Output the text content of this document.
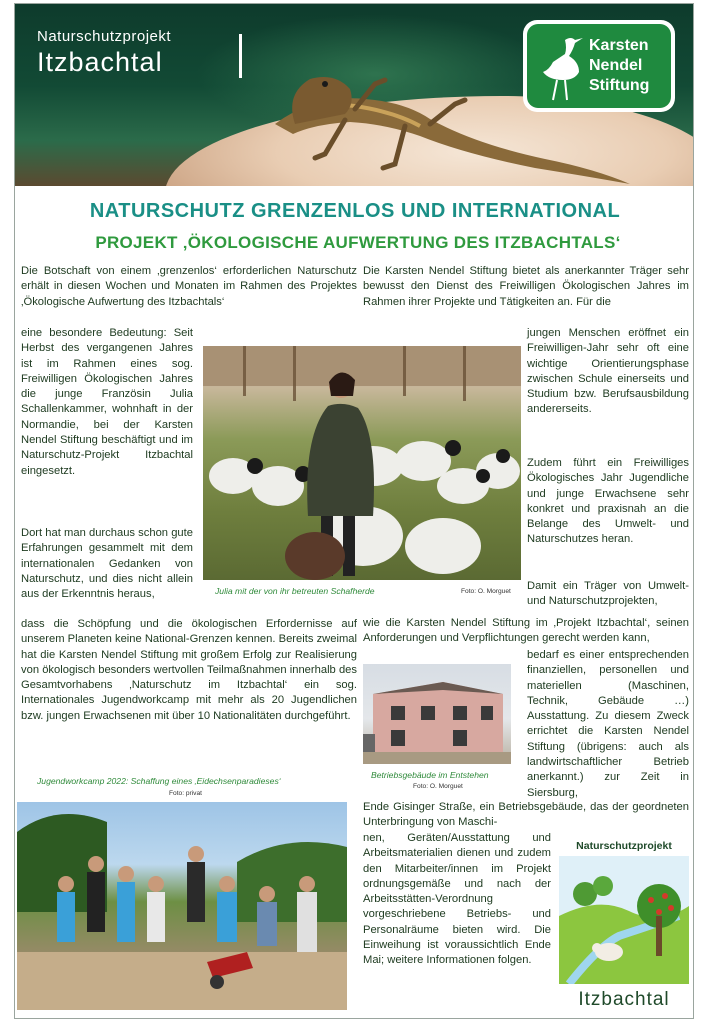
Naturschutzprojekt
Itzbachtal
Karsten
Nendel
Stiftung
NATURSCHUTZ GRENZENLOS UND INTERNATIONAL
PROJEKT ‚ÖKOLOGISCHE AUFWERTUNG DES ITZBACHTALS‘
Die Botschaft von einem ‚grenzenlos‘ erforderlichen Naturschutz erhält in diesen Wochen und Monaten im Rahmen des Projektes ‚Ökologische Aufwertung des Itzbachtals‘
eine besondere Bedeutung: Seit Herbst des vergangenen Jahres ist im Rahmen eines sog. Freiwilligen Ökologischen Jahres die junge Französin Julia Schallenkammer, wohnhaft in der Normandie, bei der Karsten Nendel Stiftung beschäftigt und im Naturschutz-Projekt Itzbachtal eingesetzt.
Dort hat man durchaus schon gute Erfahrungen gesammelt mit dem internationalen Gedanken von Naturschutz, und dies nicht allein aus der Erkenntnis heraus,
dass die Schöpfung und die ökologischen Erfordernisse auf unserem Planeten keine National-Grenzen kennen. Bereits zweimal hat die Karsten Nendel Stiftung mit großem Erfolg zur Realisierung von ökologisch besonders wertvollen Teilmaßnahmen innerhalb des Gesamtvorhabens ‚Naturschutz im Itzbachtal‘ ein sog. Internationales Jugendworkcamp mit mehr als 20 Jugendlichen bzw. jungen Erwachsenen mit über 10 Nationalitäten durchgeführt.
Die Karsten Nendel Stiftung bietet als anerkannter Träger sehr bewusst den Dienst des Freiwilligen Ökologischen Jahres im Rahmen ihrer Projekte und Tätigkeiten an. Für die
jungen Menschen eröffnet ein Freiwilligen-Jahr sehr oft eine wichtige Orientierungsphase zwischen Schule einerseits und Studium bzw. Berufsausbildung andererseits.
Zudem führt ein Freiwilliges Ökologisches Jahr Jugendliche und junge Erwachsene sehr konkret und praxisnah an die Belange des Umwelt- und Naturschutzes heran.
Damit ein Träger von Umwelt- und Naturschutzprojekten,
wie die Karsten Nendel Stiftung im ‚Projekt Itzbachtal‘, seinen Anforderungen und Verpflichtungen gerecht werden kann,
bedarf es einer entsprechenden finanziellen, personellen und materiellen (Maschinen, Technik, Gebäude …) Ausstattung. Zu diesem Zweck errichtet die Karsten Nendel Stiftung (übrigens: auch als landwirtschaftlicher Betrieb anerkannt.) zur Zeit in Siersburg,
Ende Gisinger Straße, ein Betriebsgebäude, das der geordneten Unterbringung von Maschi-
nen, Geräten/Ausstattung und Arbeitsmaterialien dienen und zudem den Mitarbeiter/innen im Projekt ordnungsgemäße und nach der Arbeitsstätten-Verordnung vorgeschriebene Betriebs- und Personalräume bieten wird. Die Einweihung ist voraussichtlich Ende Mai; weitere Informationen folgen.
Julia mit der von ihr betreuten Schafherde	Foto: O. Morguet
Jugendworkcamp 2022: Schaffung eines ‚Eidechsenparadieses‘
Foto: privat
Betriebsgebäude im Entstehen
Foto: O. Morguet
Naturschutzprojekt
Itzbachtal
